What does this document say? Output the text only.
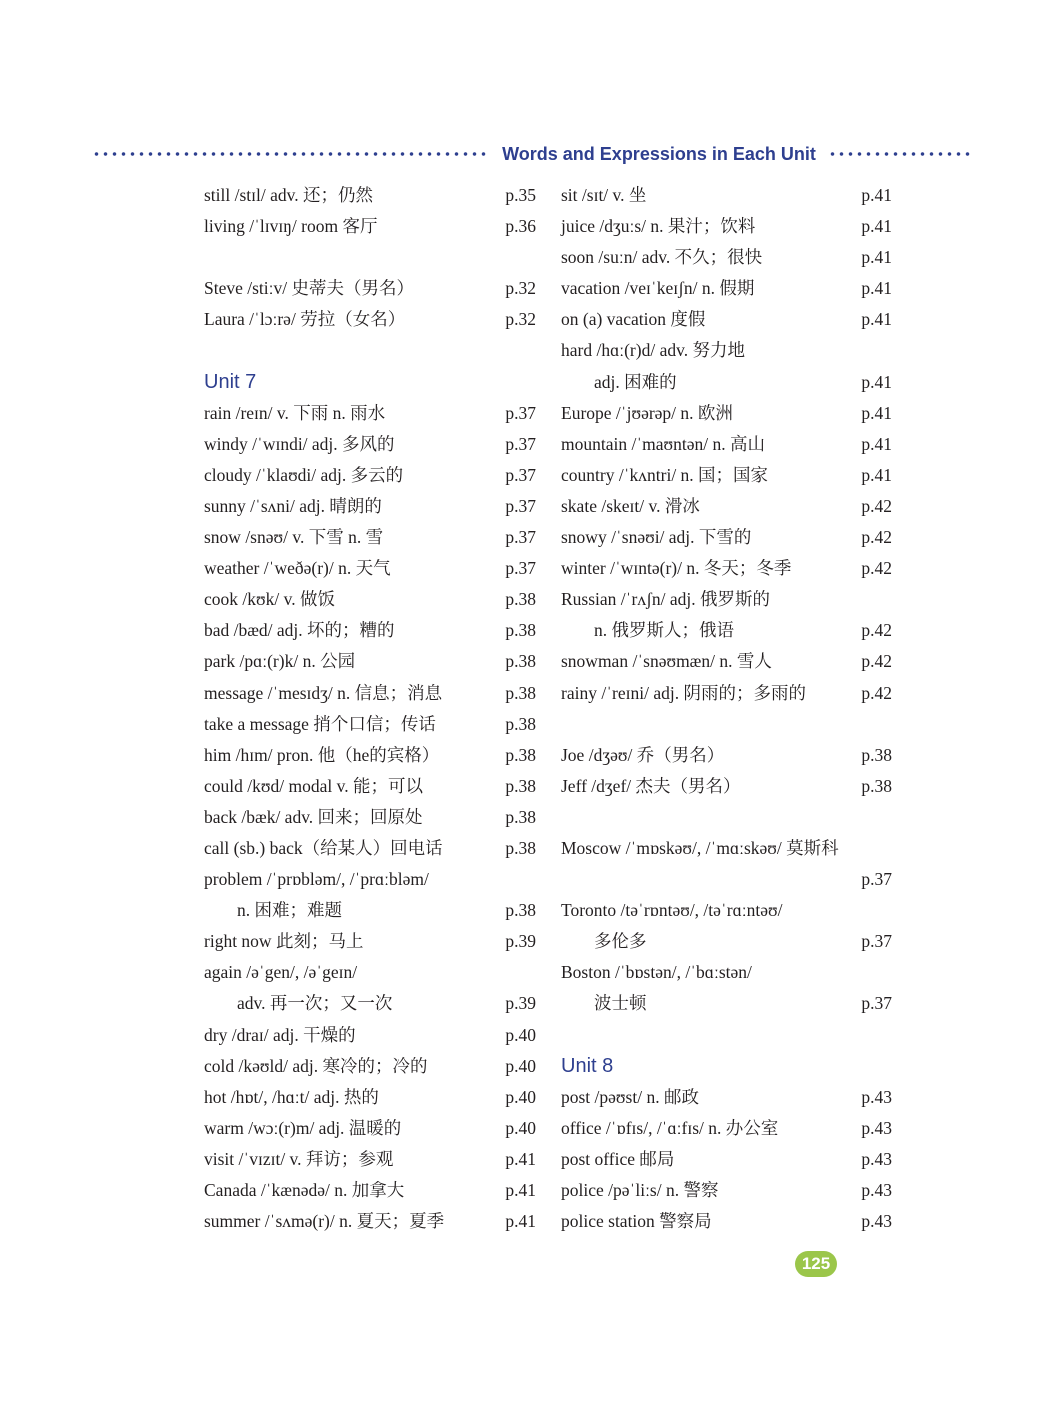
Words and Expressions in Each Unit
still /stɪl/ adv. 还；仍然	p.35
living /ˈlɪvɪŋ/ room 客厅	p.36
Steve /stiːv/ 史蒂夫（男名）	p.32
Laura /ˈlɔːrə/ 劳拉（女名）	p.32
Unit 7
rain /reɪn/ v. 下雨 n. 雨水	p.37
windy /ˈwɪndi/ adj. 多风的	p.37
cloudy /ˈklaʊdi/ adj. 多云的	p.37
sunny /ˈsʌni/ adj. 晴朗的	p.37
snow /snəʊ/ v. 下雪 n. 雪	p.37
weather /ˈweðə(r)/ n. 天气	p.37
cook /kʊk/ v. 做饭	p.38
bad /bæd/ adj. 坏的；糟的	p.38
park /pɑː(r)k/ n. 公园	p.38
message /ˈmesɪdʒ/ n. 信息；消息	p.38
take a message 捎个口信；传话	p.38
him /hɪm/ pron. 他（he的宾格）	p.38
could /kʊd/ modal v. 能；可以	p.38
back /bæk/ adv. 回来；回原处	p.38
call (sb.) back（给某人）回电话	p.38
problem /ˈprɒbləm/, /ˈprɑːbləm/
n. 困难；难题	p.38
right now 此刻；马上	p.39
again /əˈgen/, /əˈgeɪn/
adv. 再一次；又一次	p.39
dry /draɪ/ adj. 干燥的	p.40
cold /kəʊld/ adj. 寒冷的；冷的	p.40
hot /hɒt/, /hɑːt/ adj. 热的	p.40
warm /wɔː(r)m/ adj. 温暖的	p.40
visit /ˈvɪzɪt/ v. 拜访；参观	p.41
Canada /ˈkænədə/ n. 加拿大	p.41
summer /ˈsʌmə(r)/ n. 夏天；夏季	p.41
sit /sɪt/ v. 坐	p.41
juice /dʒuːs/ n. 果汁；饮料	p.41
soon /suːn/ adv. 不久；很快	p.41
vacation /veɪˈkeɪʃn/ n. 假期	p.41
on (a) vacation 度假	p.41
hard /hɑː(r)d/ adv. 努力地
adj. 困难的	p.41
Europe /ˈjʊərəp/ n. 欧洲	p.41
mountain /ˈmaʊntən/ n. 高山	p.41
country /ˈkʌntri/ n. 国；国家	p.41
skate /skeɪt/ v. 滑冰	p.42
snowy /ˈsnəʊi/ adj. 下雪的	p.42
winter /ˈwɪntə(r)/ n. 冬天；冬季	p.42
Russian /ˈrʌʃn/ adj. 俄罗斯的
n. 俄罗斯人；俄语	p.42
snowman /ˈsnəʊmæn/ n. 雪人	p.42
rainy /ˈreɪni/ adj. 阴雨的；多雨的	p.42
Joe /dʒəʊ/ 乔（男名）	p.38
Jeff /dʒef/ 杰夫（男名）	p.38
Moscow /ˈmɒskəʊ/, /ˈmɑːskəʊ/ 莫斯科
p.37
Toronto /təˈrɒntəʊ/, /təˈrɑːntəʊ/
多伦多	p.37
Boston /ˈbɒstən/, /ˈbɑːstən/
波士顿	p.37
Unit 8
post /pəʊst/ n. 邮政	p.43
office /ˈɒfɪs/, /ˈɑːfɪs/ n. 办公室	p.43
post office 邮局	p.43
police /pəˈliːs/ n. 警察	p.43
police station 警察局	p.43
125
